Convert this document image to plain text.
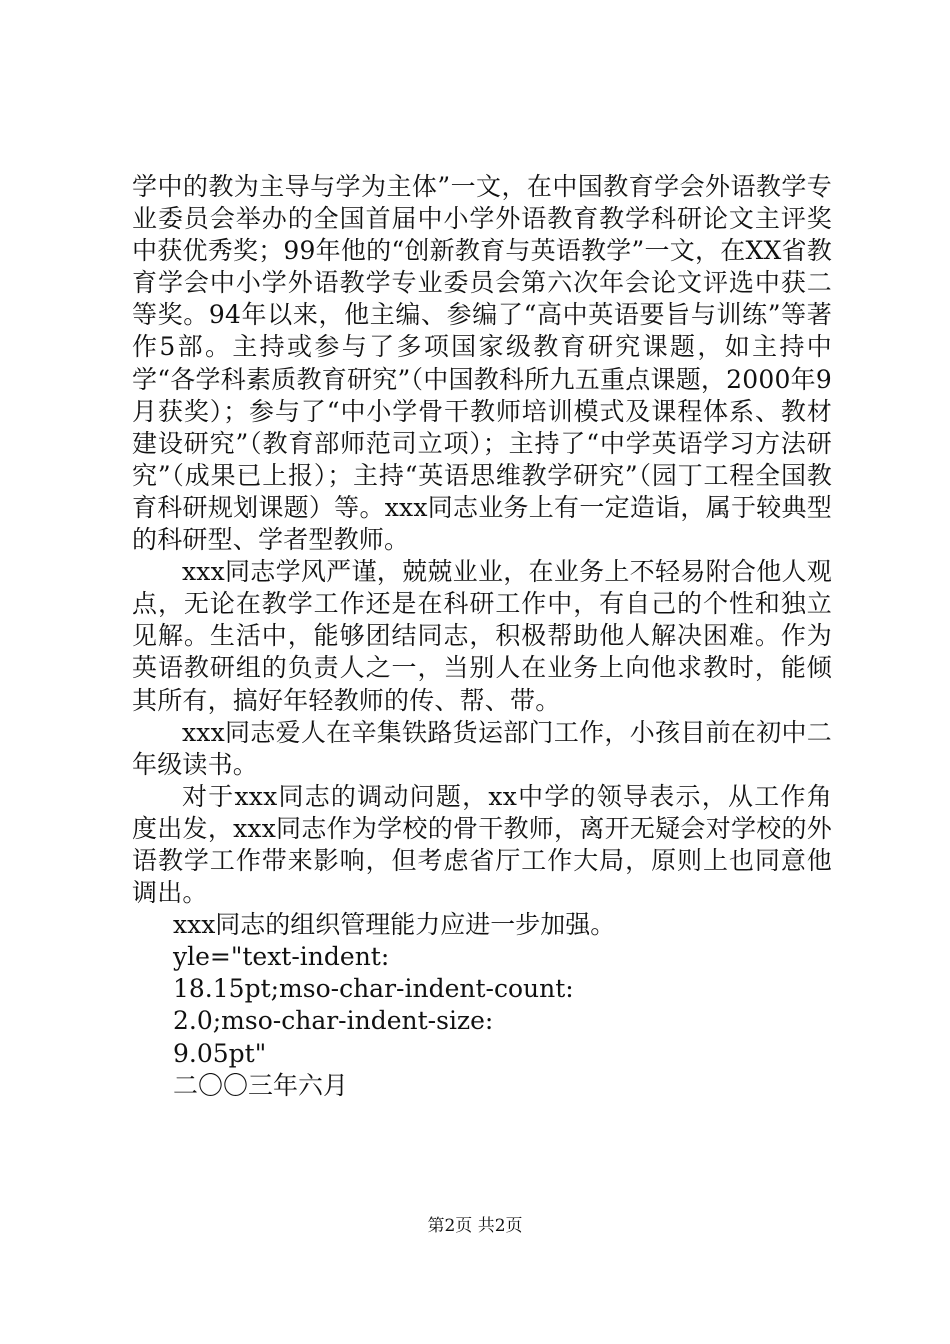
学中的教为主导与学为主体”一文，在中国教育学会外语教学专业委员会举办的全国首届中小学外语教育教学科研论文主评奖中获优秀奖；99年他的“创新教育与英语教学”一文，在XX省教育学会中小学外语教学专业委员会第六次年会论文评选中获二等奖。94年以来，他主编、参编了“高中英语要旨与训练”等著作5部。主持或参与了多项国家级教育研究课题，如主持中学“各学科素质教育研究”（中国教科所九五重点课题，2000年9月获奖）；参与了“中小学骨干教师培训模式及课程体系、教材建设研究”（教育部师范司立项）；主持了“中学英语学习方法研究”（成果已上报）；主持“英语思维教学研究”（园丁工程全国教育科研规划课题）等。xxx同志业务上有一定造诣，属于较典型的科研型、学者型教师。

xxx同志学风严谨，兢兢业业，在业务上不轻易附合他人观点，无论在教学工作还是在科研工作中，有自己的个性和独立见解。生活中，能够团结同志，积极帮助他人解决困难。作为英语教研组的负责人之一，当别人在业务上向他求教时，能倾其所有，搞好年轻教师的传、帮、带。

xxx同志爱人在辛集铁路货运部门工作，小孩目前在初中二年级读书。

对于xxx同志的调动问题，xx中学的领导表示，从工作角度出发，xxx同志作为学校的骨干教师，离开无疑会对学校的外语教学工作带来影响，但考虑省厅工作大局，原则上也同意他调出。

xxx同志的组织管理能力应进一步加强。

yle="text-indent:

18.15pt;mso-char-indent-count:

2.0;mso-char-indent-size:

9.05pt"

二〇〇三年六月

第2页 共2页
